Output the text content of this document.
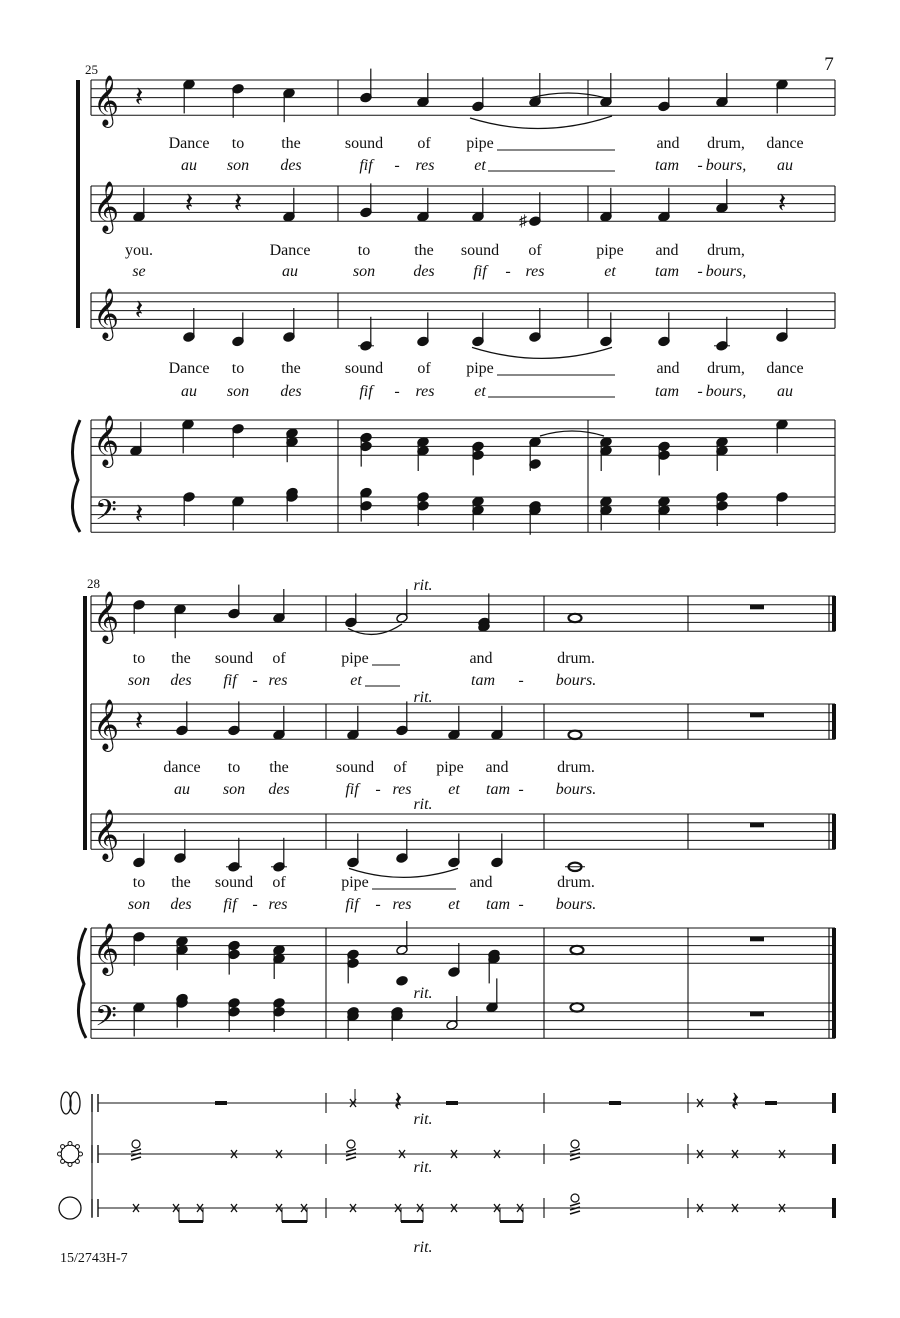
25	7
𝄞
𝄞
𝄞
𝄽
𝄽 𝄽
♯
𝄽
𝄽
Dance to the	sound of pipe	and drum, dance
au son des	fif - res et	tam - bours, au
you.	Dance	to	the sound of	pipe and drum,
se	au	son des fif - res	et tam - bours,
Dance to the	sound of pipe	and drum, dance
au son des	fif - res et	tam - bours, au
𝄞
𝄢 𝄽
28
𝄞
𝄞
𝄞
rit.
rit.
rit.
rit.
rit.
rit.
rit.
𝄽
to the sound of	pipe	and	drum.
son des fif - res	et	tam - bours.
dance to the	sound of pipe and	drum.
au son des	fif - res et tam - bours.
to the sound of	pipe	and	drum.
son des fif - res	fif - res et tam - bours.
𝄞
𝄢
𝄽	𝄽
15/2743H-7
